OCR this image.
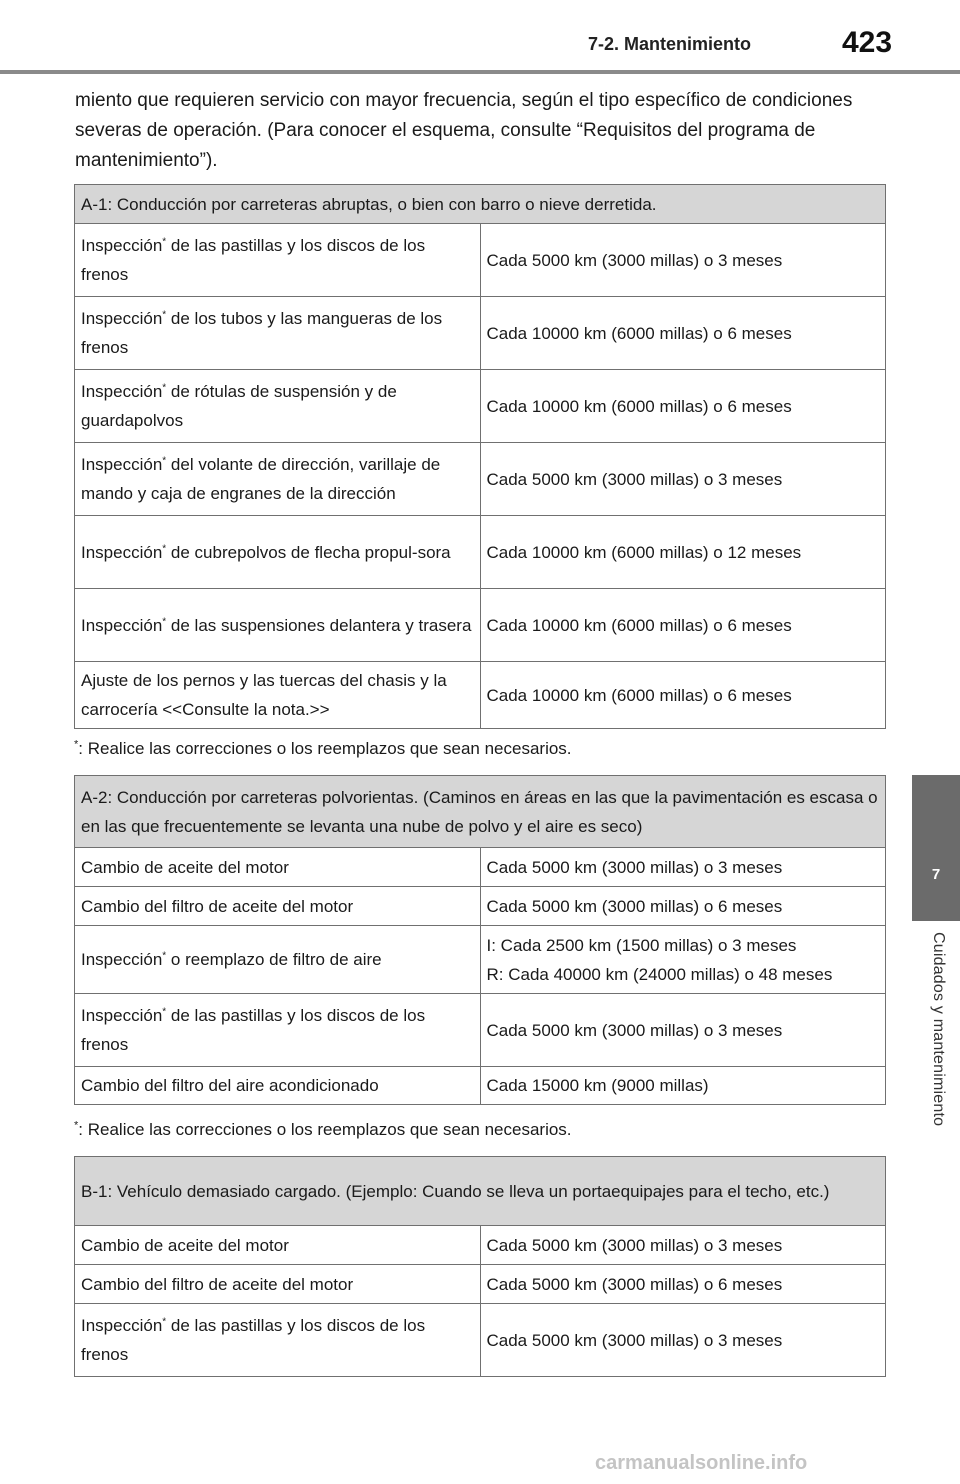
7-2. Mantenimiento	423
7
Cuidados y mantenimiento
miento que requieren servicio con mayor frecuencia, según el tipo específico de condiciones severas de operación. (Para conocer el esquema, consulte “Requisitos del programa de mantenimiento”).
A-1: Conducción por carreteras abruptas, o bien con barro o nieve derretida.	
Inspección* de las pastillas y los discos de los frenos	Cada 5000 km (3000 millas) o 3 meses
Inspección* de los tubos y las mangueras de los frenos	Cada 10000 km (6000 millas) o 6 meses
Inspección* de rótulas de suspensión y de guardapolvos	Cada 10000 km (6000 millas) o 6 meses
Inspección* del volante de dirección, varillaje de mando y caja de engranes de la dirección	Cada 5000 km (3000 millas) o 3 meses
Inspección* de cubrepolvos de flecha propul-sora	Cada 10000 km (6000 millas) o 12 meses
Inspección* de las suspensiones delantera y trasera	Cada 10000 km (6000 millas) o 6 meses
Ajuste de los pernos y las tuercas del chasis y la carrocería <<Consulte la nota.>>	Cada 10000 km (6000 millas) o 6 meses
*: Realice las correcciones o los reemplazos que sean necesarios.
A-2: Conducción por carreteras polvorientas. (Caminos en áreas en las que la pavimentación es escasa o en las que frecuentemente se levanta una nube de polvo y el aire es seco)	
Cambio de aceite del motor	Cada 5000 km (3000 millas) o 3 meses
Cambio del filtro de aceite del motor	Cada 5000 km (3000 millas) o 6 meses
Inspección* o reemplazo de filtro de aire	I: Cada 2500 km (1500 millas) o 3 meses
R: Cada 40000 km (24000 millas) o 48 meses
Inspección* de las pastillas y los discos de los frenos	Cada 5000 km (3000 millas) o 3 meses
Cambio del filtro del aire acondicionado	Cada 15000 km (9000 millas)
*: Realice las correcciones o los reemplazos que sean necesarios.
B-1: Vehículo demasiado cargado. (Ejemplo: Cuando se lleva un portaequipajes para el techo, etc.)	
Cambio de aceite del motor	Cada 5000 km (3000 millas) o 3 meses
Cambio del filtro de aceite del motor	Cada 5000 km (3000 millas) o 6 meses
Inspección* de las pastillas y los discos de los frenos	Cada 5000 km (3000 millas) o 3 meses
carmanualsonline.info
